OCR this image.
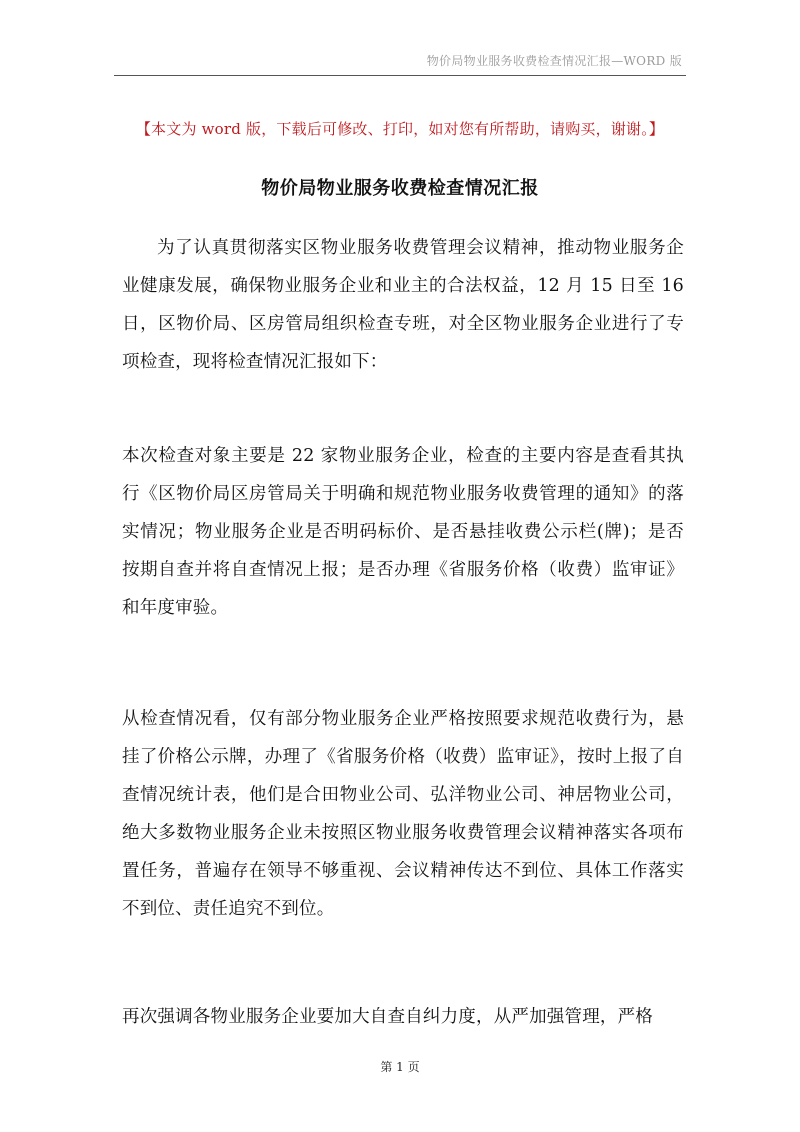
物价局物业服务收费检查情况汇报—WORD 版
【本文为 word 版，下载后可修改、打印，如对您有所帮助，请购买，谢谢。】
物价局物业服务收费检查情况汇报
为了认真贯彻落实区物业服务收费管理会议精神，推动物业服务企业健康发展，确保物业服务企业和业主的合法权益，12 月 15 日至 16 日，区物价局、区房管局组织检查专班，对全区物业服务企业进行了专项检查，现将检查情况汇报如下：
本次检查对象主要是 22 家物业服务企业，检查的主要内容是查看其执行《区物价局区房管局关于明确和规范物业服务收费管理的通知》的落实情况；物业服务企业是否明码标价、是否悬挂收费公示栏(牌)；是否按期自查并将自查情况上报；是否办理《省服务价格（收费）监审证》和年度审验。
从检查情况看，仅有部分物业服务企业严格按照要求规范收费行为，悬挂了价格公示牌，办理了《省服务价格（收费）监审证》，按时上报了自查情况统计表，他们是合田物业公司、弘洋物业公司、神居物业公司，绝大多数物业服务企业未按照区物业服务收费管理会议精神落实各项布置任务，普遍存在领导不够重视、会议精神传达不到位、具体工作落实不到位、责任追究不到位。
再次强调各物业服务企业要加大自查自纠力度，从严加强管理，严格
第 1 页
